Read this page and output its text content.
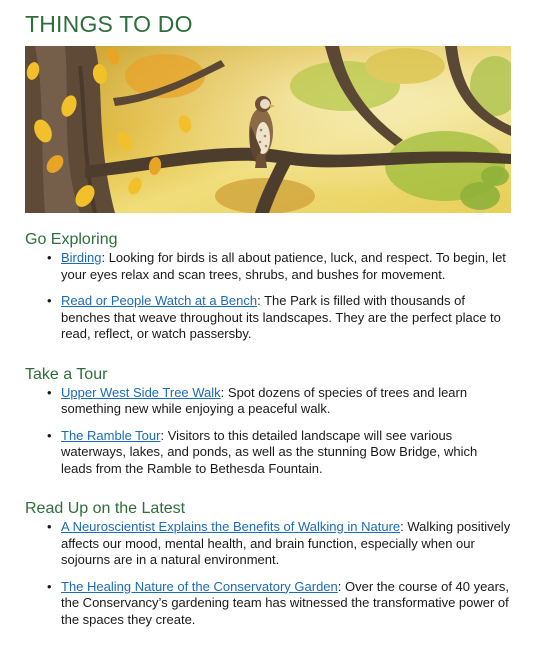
THINGS TO DO
Go Exploring
• Birding: Looking for birds is all about patience, luck, and respect. To begin, let your eyes relax and scan trees, shrubs, and bushes for movement.
• Read or People Watch at a Bench: The Park is filled with thousands of benches that weave throughout its landscapes. They are the perfect place to read, reflect, or watch passersby.
Take a Tour
• Upper West Side Tree Walk: Spot dozens of species of trees and learn something new while enjoying a peaceful walk.
• The Ramble Tour: Visitors to this detailed landscape will see various waterways, lakes, and ponds, as well as the stunning Bow Bridge, which leads from the Ramble to Bethesda Fountain.
Read Up on the Latest
• A Neuroscientist Explains the Benefits of Walking in Nature: Walking positively affects our mood, mental health, and brain function, especially when our sojourns are in a natural environment.
• The Healing Nature of the Conservatory Garden: Over the course of 40 years, the Conservancy’s gardening team has witnessed the transformative power of the spaces they create.
